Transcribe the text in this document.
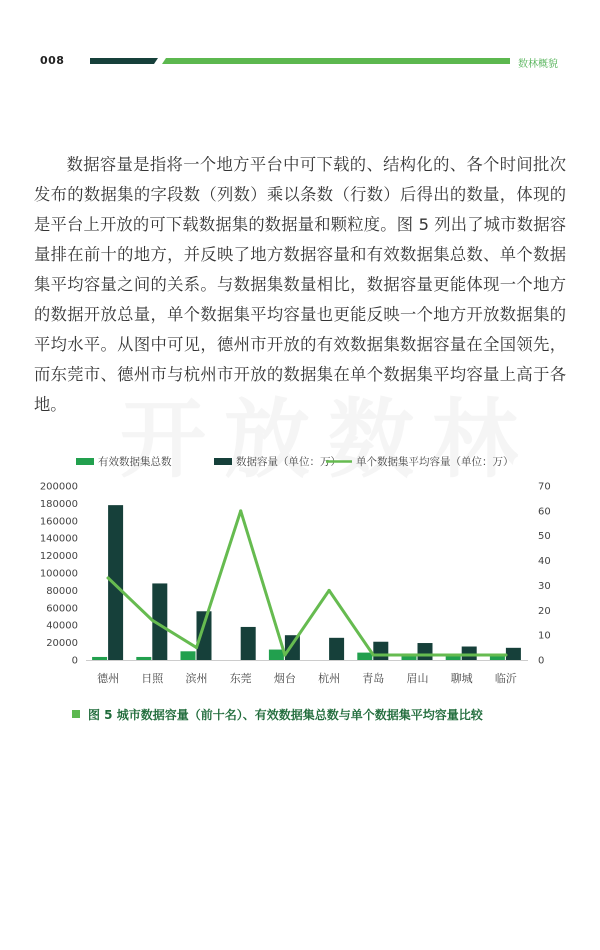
008	数林概貌

数据容量是指将一个地方平台中可下载的、结构化的、各个时间批次发布的数据集的字段数（列数）乘以条数（行数）后得出的数量，体现的是平台上开放的可下载数据集的数据量和颗粒度。图 5 列出了城市数据容量排在前十的地方，并反映了地方数据容量和有效数据集总数、单个数据集平均容量之间的关系。与数据集数量相比，数据容量更能体现一个地方的数据开放总量，单个数据集平均容量也更能反映一个地方开放数据集的平均水平。从图中可见，德州市开放的有效数据集数据容量在全国领先，而东莞市、德州市与杭州市开放的数据集在单个数据集平均容量上高于各地。

有效数据集总数	数据容量（单位：万） 单个数据集平均容量（单位：万）
0
20000
40000
60000
80000
100000
120000
140000
160000
180000
200000
0
10
20
30
40
50
60
70
德州 日照 滨州 东莞 烟台 杭州 青岛 眉山 聊城 临沂
图 5 城市数据容量（前十名）、有效数据集总数与单个数据集平均容量比较
